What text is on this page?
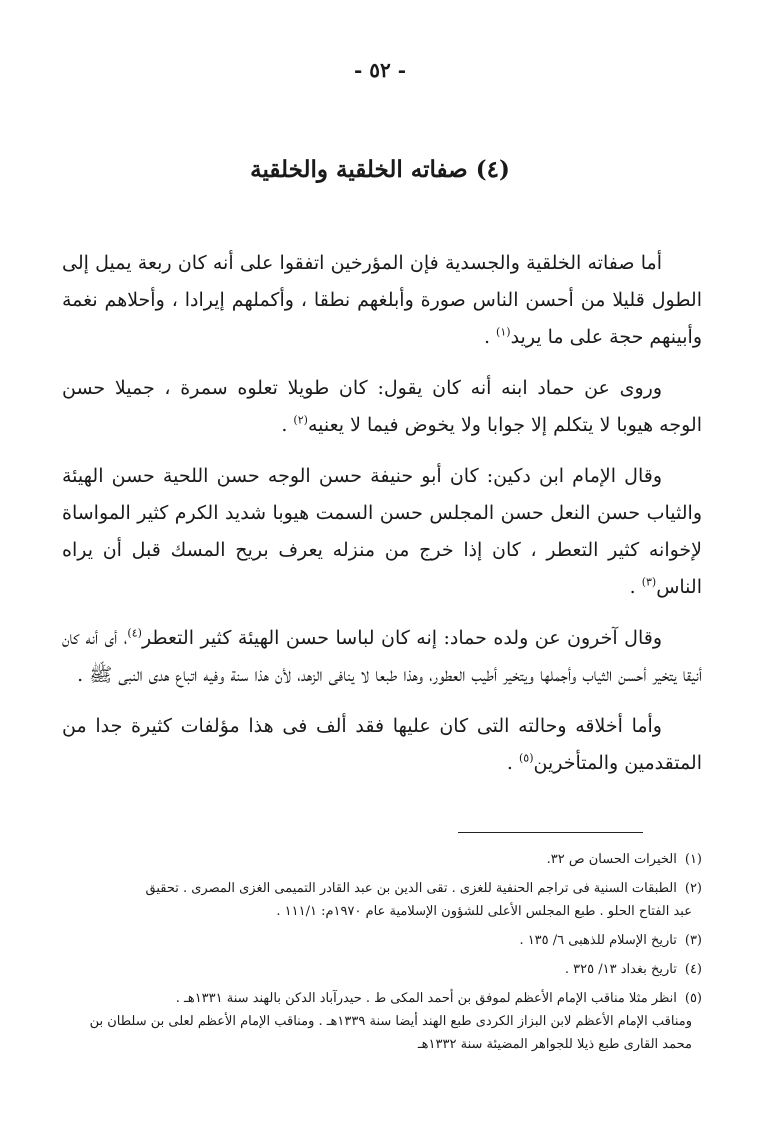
- ٥٢ -
(٤) صفاته الخلقية والخلقية

أما صفاته الخلقية والجسدية فإن المؤرخين اتفقوا على أنه كان ربعة يميل إلى الطول قليلا من أحسن الناس صورة وأبلغهم نطقا ، وأكملهم إيرادا ، وأحلاهم نغمة وأبينهم حجة على ما يريد$^{(١)}$ .

وروى عن حماد ابنه أنه كان يقول: كان طويلا تعلوه سمرة ، جميلا حسن الوجه هيوبا لا يتكلم إلا جوابا ولا يخوض فيما لا يعنيه$^{(٢)}$ .

وقال الإمام ابن دكين: كان أبو حنيفة حسن الوجه حسن اللحية حسن الهيئة والثياب حسن النعل حسن المجلس حسن السمت هيوبا شديد الكرم كثير المواساة لإخوانه كثير التعطر ، كان إذا خرج من منزله يعرف بريح المسك قبل أن يراه الناس$^{(٣)}$ .

وقال آخرون عن ولده حماد: إنه كان لباسا حسن الهيئة كثير التعطر$^{(٤)}$، أى أنه كان أنيقا يتخير أحسن الثياب وأجملها ويتخير أطيب العطور، وهذا طبعا لا ينافى الزهد، لأن هذا سنة وفيه اتباع هدى النبى ﷺ .

وأما أخلاقه وحالته التى كان عليها فقد ألف فى هذا مؤلفات كثيرة جدا من المتقدمين والمتأخرين$^{(٥)}$ .

(١)الخيرات الحسان ص ٣٢.

(٢)الطبقات السنية فى تراجم الحنفية للغزى . تقى الدين بن عبد القادر التميمى الغزى المصرى . تحقيق
عبد الفتاح الحلو . طبع المجلس الأعلى للشؤون الإسلامية عام ١٩٧٠م: ١١١/١ .

(٣)تاريخ الإسلام للذهبى ٦/ ١٣٥ .

(٤)تاريخ بغداد ١٣/ ٣٢٥ .

(٥)انظر مثلا مناقب الإمام الأعظم لموفق بن أحمد المكى ط . حيدرآباد الدكن بالهند سنة ١٣٣١هـ .
ومناقب الإمام الأعظم لابن البزاز الكردى طبع الهند أيضا سنة ١٣٣٩هـ . ومناقب الإمام الأعظم لعلى بن سلطان بن محمد القارى طبع ذيلا للجواهر المضيئة سنة ١٣٣٢هـ
